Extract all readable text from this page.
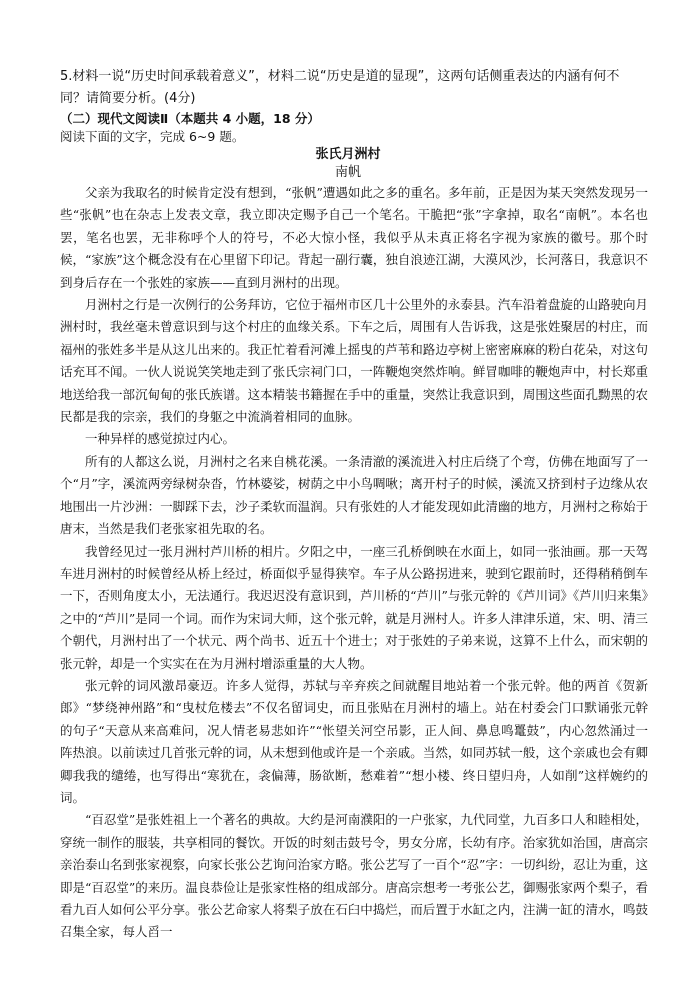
5.材料一说“历史时间承载着意义”，材料二说“历史是道的显现”，这两句话侧重表达的内涵有何不同？请简要分析。(4分)

（二）现代文阅读Ⅱ（本题共 4 小题，18 分）

阅读下面的文字，完成 6~9 题。

张氏月洲村

南帆

父亲为我取名的时候肯定没有想到，“张帆”遭遇如此之多的重名。多年前，正是因为某天突然发现另一些“张帆”也在杂志上发表文章，我立即决定赐予自己一个笔名。干脆把“张”字拿掉，取名“南帆”。本名也罢，笔名也罢，无非称呼个人的符号，不必大惊小怪，我似乎从未真正将名字视为家族的徽号。那个时候，“家族”这个概念没有在心里留下印记。背起一副行囊，独自浪迹江湖，大漠风沙，长河落日，我意识不到身后存在一个张姓的家族——直到月洲村的出现。

月洲村之行是一次例行的公务拜访，它位于福州市区几十公里外的永泰县。汽车沿着盘旋的山路驶向月洲村时，我丝毫未曾意识到与这个村庄的血缘关系。下车之后，周围有人告诉我，这是张姓聚居的村庄，而福州的张姓多半是从这儿出来的。我正忙着看河滩上摇曳的芦苇和路边亭树上密密麻麻的粉白花朵，对这句话充耳不闻。一伙人说说笑笑地走到了张氏宗祠门口，一阵鞭炮突然炸响。鲜冒咖啡的鞭炮声中，村长郑重地送给我一部沉甸甸的张氏族谱。这本精装书籍握在手中的重量，突然让我意识到，周围这些面孔黝黑的农民都是我的宗亲，我们的身躯之中流淌着相同的血脉。

一种异样的感觉掠过内心。

所有的人都这么说，月洲村之名来自桃花溪。一条清澈的溪流进入村庄后绕了个弯，仿佛在地面写了一个“月”字，溪流两旁绿树杂沓，竹林婆娑，树荫之中小鸟啁啾；离开村子的时候，溪流又挤到村子边缘从农地围出一片沙洲：一脚踩下去，沙子柔软而温润。只有张姓的人才能发现如此清幽的地方，月洲村之称始于唐末，当然是我们老张家祖先取的名。

我曾经见过一张月洲村芦川桥的相片。夕阳之中，一座三孔桥倒映在水面上，如同一张油画。那一天驾车进月洲村的时候曾经从桥上经过，桥面似乎显得狭窄。车子从公路拐进来，驶到它跟前时，还得稍稍倒车一下，否则角度太小，无法通行。我迟迟没有意识到，芦川桥的“芦川”与张元幹的《芦川词》《芦川归来集》之中的“芦川”是同一个词。而作为宋词大师，这个张元幹，就是月洲村人。许多人津津乐道，宋、明、清三个朝代，月洲村出了一个状元、两个尚书、近五十个进士；对于张姓的子弟来说，这算不上什么，而宋朝的张元幹，却是一个实实在在为月洲村增添重量的大人物。

张元幹的词风激昂豪迈。许多人觉得，苏轼与辛弃疾之间就醒目地站着一个张元幹。他的两首《贺新郎》“梦绕神州路”和“曳杖危楼去”不仅名留词史，而且张贴在月洲村的墙上。站在村委会门口默诵张元幹的句子“天意从来高难问，况人情老易悲如许”“怅望关河空吊影，正人间、鼻息鸣鼍鼓”，内心忽然涌过一阵热浪。以前读过几首张元幹的词，从未想到他或许是一个亲戚。当然，如同苏轼一般，这个亲戚也会有卿卿我我的缱绻，也写得出“寒犹在，衾偏薄，肠欲断，愁难着”“想小楼、终日望归舟，人如削”这样婉约的词。

“百忍堂”是张姓祖上一个著名的典故。大约是河南濮阳的一户张家，九代同堂，九百多口人和睦相处，穿统一制作的服装，共享相同的餐饮。开饭的时刻击鼓号令，男女分席，长幼有序。治家犹如治国，唐高宗亲治泰山名到张家视察，向家长张公艺询问治家方略。张公艺写了一百个“忍”字：一切纠纷，忍让为重，这即是“百忍堂”的来历。温良恭俭让是张家性格的组成部分。唐高宗想考一考张公艺，御赐张家两个梨子，看看九百人如何公平分享。张公艺命家人将梨子放在石臼中捣烂，而后置于水缸之内，注满一缸的清水，鸣鼓召集全家，每人舀一
